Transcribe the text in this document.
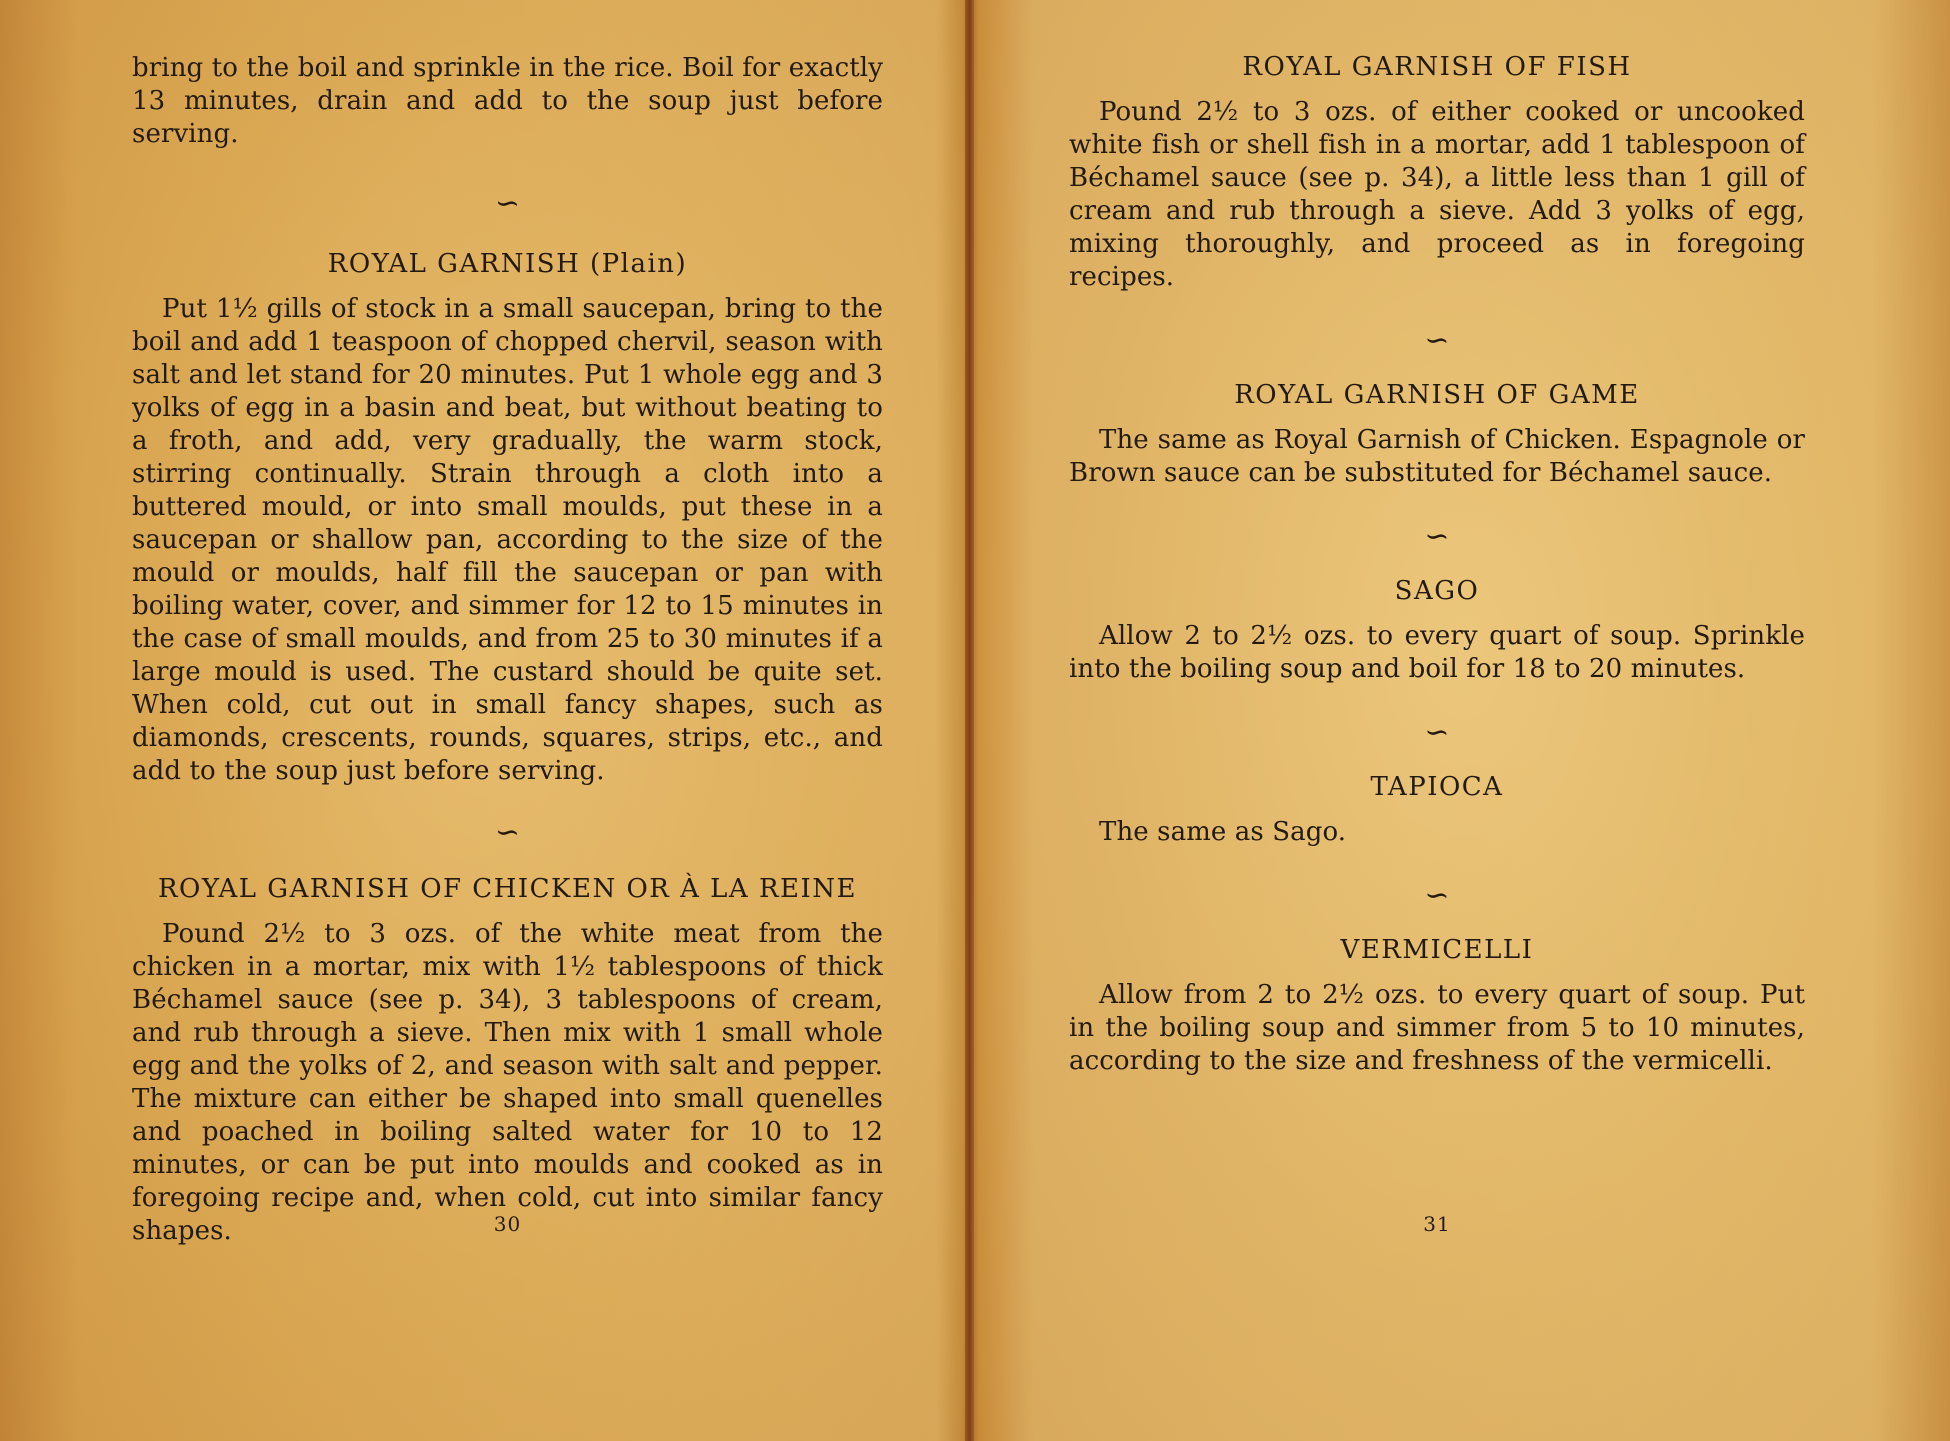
bring to the boil and sprinkle in the rice. Boil for exactly 13 minutes, drain and add to the soup just before serving.

∽
ROYAL GARNISH (Plain)

Put 1½ gills of stock in a small saucepan, bring to the boil and add 1 teaspoon of chopped chervil, season with salt and let stand for 20 minutes. Put 1 whole egg and 3 yolks of egg in a basin and beat, but without beating to a froth, and add, very gradually, the warm stock, stirring continually. Strain through a cloth into a buttered mould, or into small moulds, put these in a saucepan or shallow pan, according to the size of the mould or moulds, half fill the saucepan or pan with boiling water, cover, and simmer for 12 to 15 minutes in the case of small moulds, and from 25 to 30 minutes if a large mould is used. The custard should be quite set. When cold, cut out in small fancy shapes, such as diamonds, crescents, rounds, squares, strips, etc., and add to the soup just before serving.

∽
ROYAL GARNISH OF CHICKEN OR À LA REINE

Pound 2½ to 3 ozs. of the white meat from the chicken in a mortar, mix with 1½ tablespoons of thick Béchamel sauce (see p. 34), 3 tablespoons of cream, and rub through a sieve. Then mix with 1 small whole egg and the yolks of 2, and season with salt and pepper. The mixture can either be shaped into small quenelles and poached in boiling salted water for 10 to 12 minutes, or can be put into moulds and cooked as in foregoing recipe and, when cold, cut into similar fancy shapes.	30
ROYAL GARNISH OF FISH

Pound 2½ to 3 ozs. of either cooked or uncooked white fish or shell fish in a mortar, add 1 tablespoon of Béchamel sauce (see p. 34), a little less than 1 gill of cream and rub through a sieve. Add 3 yolks of egg, mixing thoroughly, and proceed as in foregoing recipes.

∽
ROYAL GARNISH OF GAME

The same as Royal Garnish of Chicken. Espagnole or Brown sauce can be substituted for Béchamel sauce.

∽
SAGO

Allow 2 to 2½ ozs. to every quart of soup. Sprinkle into the boiling soup and boil for 18 to 20 minutes.

∽
TAPIOCA

The same as Sago.

∽
VERMICELLI

Allow from 2 to 2½ ozs. to every quart of soup. Put in the boiling soup and simmer from 5 to 10 minutes, according to the size and freshness of the vermicelli.

31
